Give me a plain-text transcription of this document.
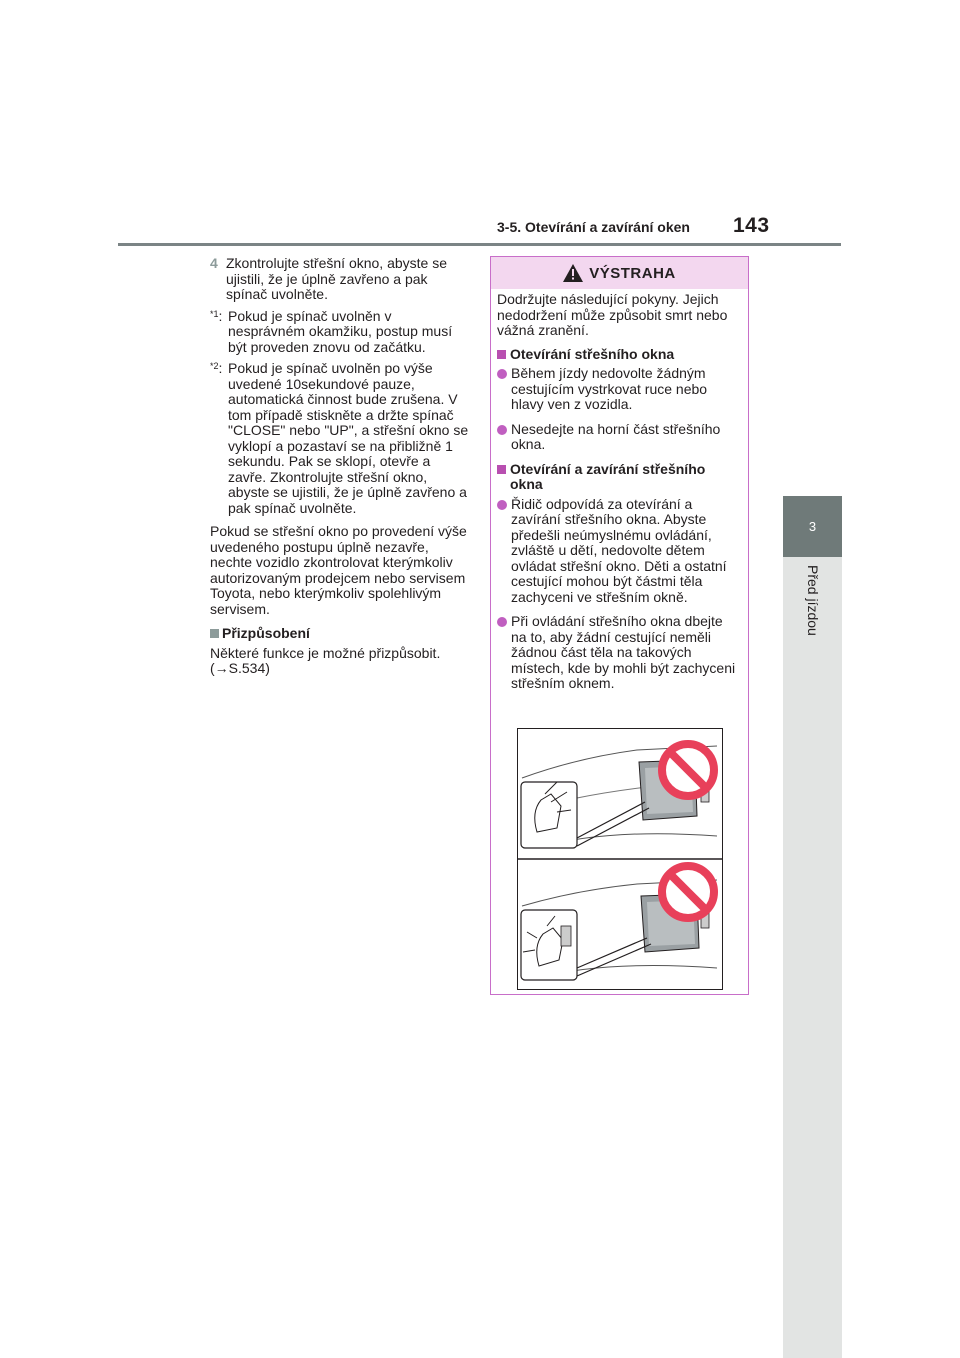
3-5. Otevírání a zavírání oken 143
3
Před jízdou
4 Zkontrolujte střešní okno, abyste se ujistili, že je úplně zavřeno a pak spínač uvolněte.
$^{*1}$: Pokud je spínač uvolněn v nesprávném okamžiku, postup musí být proveden znovu od začátku.
$^{*2}$: Pokud je spínač uvolněn po výše uvedené 10sekundové pauze, automatická činnost bude zrušena. V tom případě stiskněte a držte spínač "CLOSE" nebo "UP", a střešní okno se vyklopí a pozastaví se na přibližně 1 sekundu. Pak se sklopí, otevře a zavře. Zkontrolujte střešní okno, abyste se ujistili, že je úplně zavřeno a pak spínač uvolněte.
Pokud se střešní okno po provedení výše uvedeného postupu úplně nezavře, nechte vozidlo zkontrolovat kterýmkoliv autorizovaným prodejcem nebo servisem Toyota, nebo kterýmkoliv spolehlivým servisem.
Přizpůsobení
Některé funkce je možné přizpůsobit.
(→S.534)
VÝSTRAHA
Dodržujte následující pokyny. Jejich nedodržení může způsobit smrt nebo vážná zranění.
Otevírání střešního okna
Během jízdy nedovolte žádným cestujícím vystrkovat ruce nebo hlavy ven z vozidla.
Nesedejte na horní část střešního okna.
Otevírání a zavírání střešního okna
Řidič odpovídá za otevírání a zavírání střešního okna. Abyste předešli neúmyslnému ovládání, zvláště u dětí, nedovolte dětem ovládat střešní okno. Děti a ostatní cestující mohou být částmi těla zachyceni ve střešním okně.
Při ovládání střešního okna dbejte na to, aby žádní cestující neměli žádnou část těla na takových místech, kde by mohli být zachyceni střešním oknem.
